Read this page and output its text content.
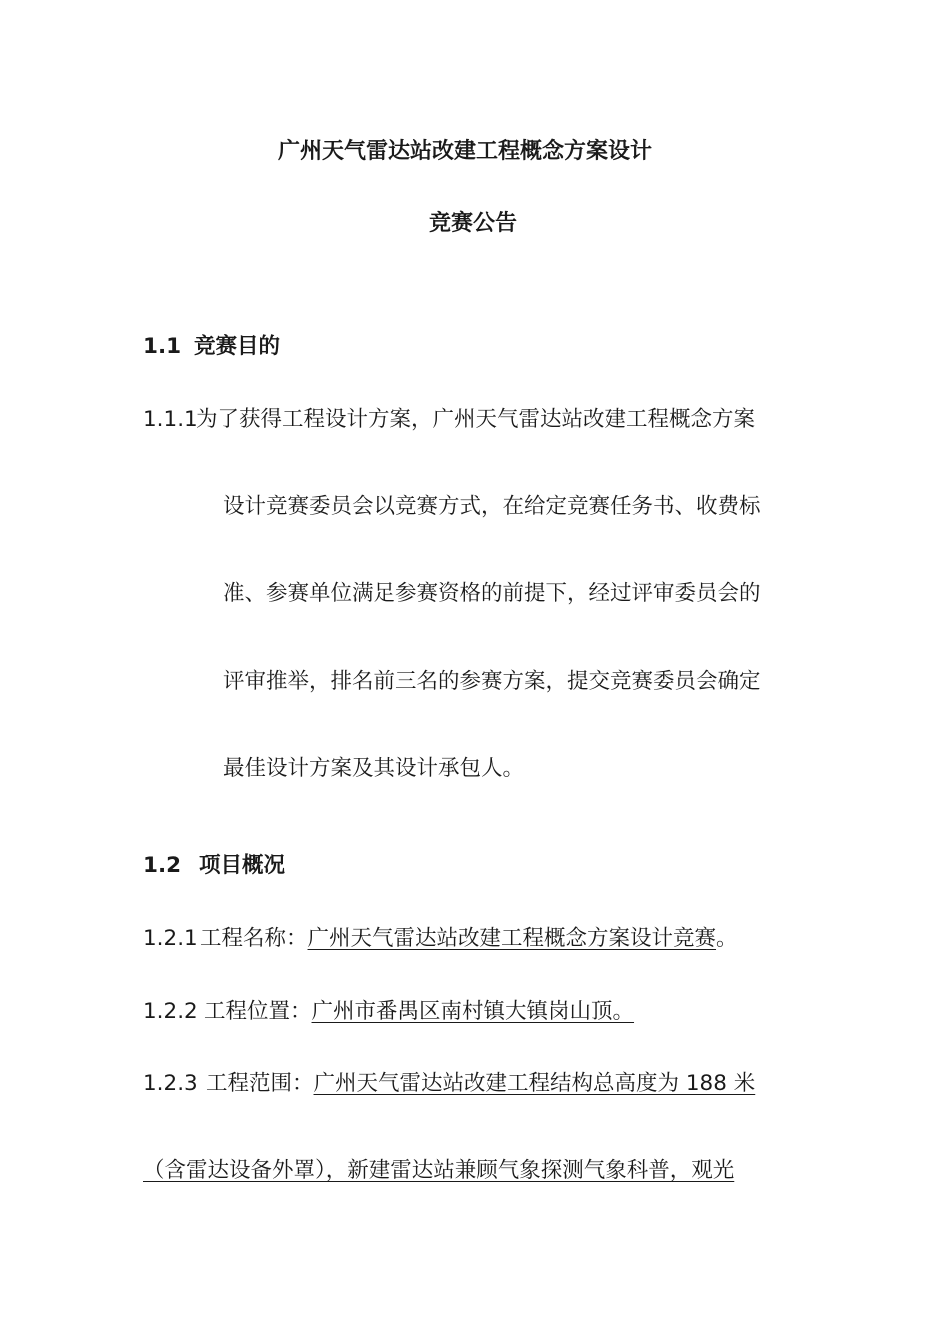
广州天气雷达站改建工程概念方案设计
竞赛公告
1.1 竞赛目的
1.1.1为了获得工程设计方案，广州天气雷达站改建工程概念方案
设计竞赛委员会以竞赛方式，在给定竞赛任务书、收费标
准、参赛单位满足参赛资格的前提下，经过评审委员会的
评审推举，排名前三名的参赛方案，提交竞赛委员会确定
最佳设计方案及其设计承包人。
1.2 项目概况
1.2.1 工程名称：广州天气雷达站改建工程概念方案设计竞赛。
1.2.2 工程位置：广州市番禺区南村镇大镇岗山顶。
1.2.3 工程范围：广州天气雷达站改建工程结构总高度为 188 米
（含雷达设备外罩），新建雷达站兼顾气象探测气象科普，观光
